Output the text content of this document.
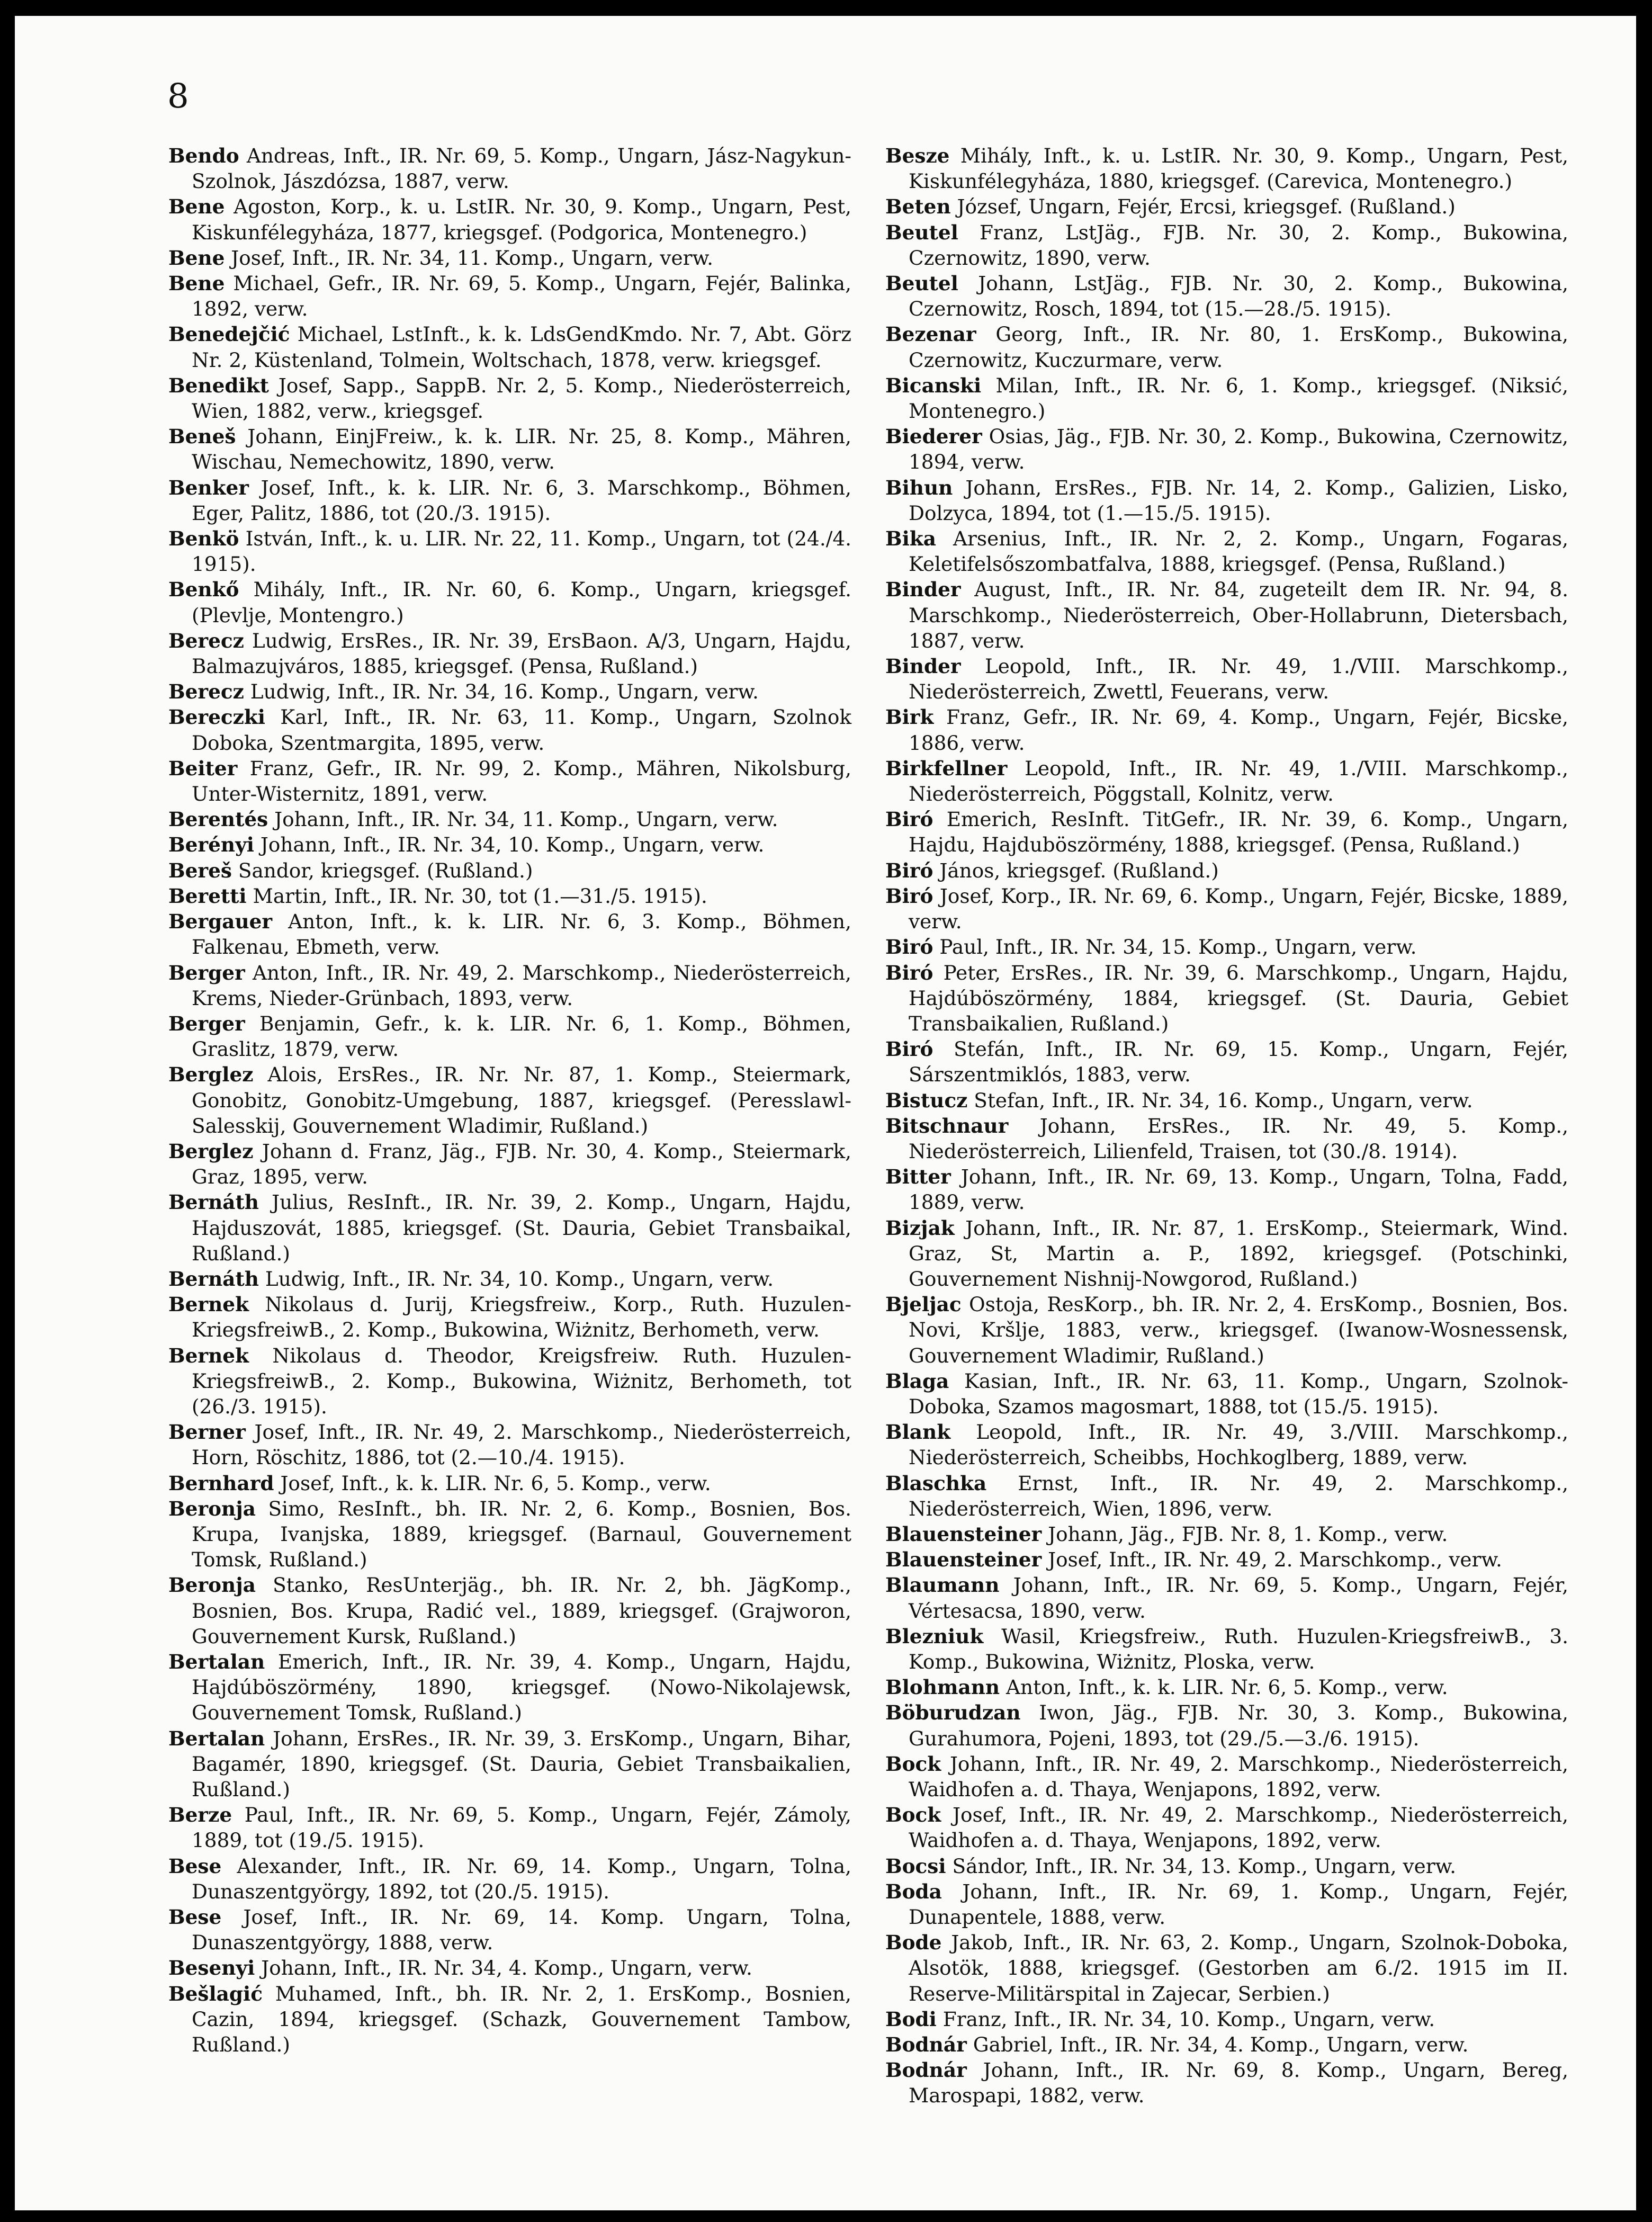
8

Bendo Andreas, Inft., IR. Nr. 69, 5. Komp., Ungarn, Jász-Nagykun-Szolnok, Jászdózsa, 1887, verw.

Bene Agoston, Korp., k. u. LstIR. Nr. 30, 9. Komp., Ungarn, Pest, Kiskunfélegyháza, 1877, kriegsgef. (Podgorica, Montenegro.)

Bene Josef, Inft., IR. Nr. 34, 11. Komp., Ungarn, verw.

Bene Michael, Gefr., IR. Nr. 69, 5. Komp., Ungarn, Fejér, Balinka, 1892, verw.

Benedejčić Michael, LstInft., k. k. LdsGendKmdo. Nr. 7, Abt. Görz Nr. 2, Küstenland, Tolmein, Woltschach, 1878, verw. kriegsgef.

Benedikt Josef, Sapp., SappB. Nr. 2, 5. Komp., Niederösterreich, Wien, 1882, verw., kriegsgef.

Beneš Johann, EinjFreiw., k. k. LIR. Nr. 25, 8. Komp., Mähren, Wischau, Nemechowitz, 1890, verw.

Benker Josef, Inft., k. k. LIR. Nr. 6, 3. Marschkomp., Böhmen, Eger, Palitz, 1886, tot (20./3. 1915).

Benkö István, Inft., k. u. LIR. Nr. 22, 11. Komp., Ungarn, tot (24./4. 1915).

Benkő Mihály, Inft., IR. Nr. 60, 6. Komp., Ungarn, kriegsgef. (Plevlje, Montengro.)

Berecz Ludwig, ErsRes., IR. Nr. 39, ErsBaon. A/3, Ungarn, Hajdu, Balmazujváros, 1885, kriegsgef. (Pensa, Rußland.)

Berecz Ludwig, Inft., IR. Nr. 34, 16. Komp., Ungarn, verw.

Bereczki Karl, Inft., IR. Nr. 63, 11. Komp., Ungarn, Szolnok Doboka, Szentmargita, 1895, verw.

Beiter Franz, Gefr., IR. Nr. 99, 2. Komp., Mähren, Nikolsburg, Unter-Wisternitz, 1891, verw.

Berentés Johann, Inft., IR. Nr. 34, 11. Komp., Ungarn, verw.

Berényi Johann, Inft., IR. Nr. 34, 10. Komp., Ungarn, verw.

Bereš Sandor, kriegsgef. (Rußland.)

Beretti Martin, Inft., IR. Nr. 30, tot (1.—31./5. 1915).

Bergauer Anton, Inft., k. k. LIR. Nr. 6, 3. Komp., Böhmen, Falkenau, Ebmeth, verw.

Berger Anton, Inft., IR. Nr. 49, 2. Marschkomp., Niederösterreich, Krems, Nieder-Grünbach, 1893, verw.

Berger Benjamin, Gefr., k. k. LIR. Nr. 6, 1. Komp., Böhmen, Graslitz, 1879, verw.

Berglez Alois, ErsRes., IR. Nr. Nr. 87, 1. Komp., Steiermark, Gonobitz, Gonobitz-Umgebung, 1887, kriegsgef. (Peresslawl-Salesskij, Gouvernement Wladimir, Rußland.)

Berglez Johann d. Franz, Jäg., FJB. Nr. 30, 4. Komp., Steiermark, Graz, 1895, verw.

Bernáth Julius, ResInft., IR. Nr. 39, 2. Komp., Ungarn, Hajdu, Hajduszovát, 1885, kriegsgef. (St. Dauria, Gebiet Transbaikal, Rußland.)

Bernáth Ludwig, Inft., IR. Nr. 34, 10. Komp., Ungarn, verw.

Bernek Nikolaus d. Jurij, Kriegsfreiw., Korp., Ruth. Huzulen-KriegsfreiwB., 2. Komp., Bukowina, Wiżnitz, Berhometh, verw.

Bernek Nikolaus d. Theodor, Kreigsfreiw. Ruth. Huzulen-KriegsfreiwB., 2. Komp., Bukowina, Wiżnitz, Berhometh, tot (26./3. 1915).

Berner Josef, Inft., IR. Nr. 49, 2. Marschkomp., Niederösterreich, Horn, Röschitz, 1886, tot (2.—10./4. 1915).

Bernhard Josef, Inft., k. k. LIR. Nr. 6, 5. Komp., verw.

Beronja Simo, ResInft., bh. IR. Nr. 2, 6. Komp., Bosnien, Bos. Krupa, Ivanjska, 1889, kriegsgef. (Barnaul, Gouvernement Tomsk, Rußland.)

Beronja Stanko, ResUnterjäg., bh. IR. Nr. 2, bh. JägKomp., Bosnien, Bos. Krupa, Radić vel., 1889, kriegsgef. (Grajworon, Gouvernement Kursk, Rußland.)

Bertalan Emerich, Inft., IR. Nr. 39, 4. Komp., Ungarn, Hajdu, Hajdúböszörmény, 1890, kriegsgef. (Nowo-Nikolajewsk, Gouvernement Tomsk, Rußland.)

Bertalan Johann, ErsRes., IR. Nr. 39, 3. ErsKomp., Ungarn, Bihar, Bagamér, 1890, kriegsgef. (St. Dauria, Gebiet Transbaikalien, Rußland.)

Berze Paul, Inft., IR. Nr. 69, 5. Komp., Ungarn, Fejér, Zámoly, 1889, tot (19./5. 1915).

Bese Alexander, Inft., IR. Nr. 69, 14. Komp., Ungarn, Tolna, Dunaszentgyörgy, 1892, tot (20./5. 1915).

Bese Josef, Inft., IR. Nr. 69, 14. Komp. Ungarn, Tolna, Dunaszentgyörgy, 1888, verw.

Besenyi Johann, Inft., IR. Nr. 34, 4. Komp., Ungarn, verw.

Bešlagić Muhamed, Inft., bh. IR. Nr. 2, 1. ErsKomp., Bosnien, Cazin, 1894, kriegsgef. (Schazk, Gouvernement Tambow, Rußland.)

Besze Mihály, Inft., k. u. LstIR. Nr. 30, 9. Komp., Ungarn, Pest, Kiskunfélegyháza, 1880, kriegsgef. (Carevica, Montenegro.)

Beten József, Ungarn, Fejér, Ercsi, kriegsgef. (Rußland.)

Beutel Franz, LstJäg., FJB. Nr. 30, 2. Komp., Bukowina, Czernowitz, 1890, verw.

Beutel Johann, LstJäg., FJB. Nr. 30, 2. Komp., Bukowina, Czernowitz, Rosch, 1894, tot (15.—28./5. 1915).

Bezenar Georg, Inft., IR. Nr. 80, 1. ErsKomp., Bukowina, Czernowitz, Kuczurmare, verw.

Bicanski Milan, Inft., IR. Nr. 6, 1. Komp., kriegsgef. (Niksić, Montenegro.)

Biederer Osias, Jäg., FJB. Nr. 30, 2. Komp., Bukowina, Czernowitz, 1894, verw.

Bihun Johann, ErsRes., FJB. Nr. 14, 2. Komp., Galizien, Lisko, Dolzyca, 1894, tot (1.—15./5. 1915).

Bika Arsenius, Inft., IR. Nr. 2, 2. Komp., Ungarn, Fogaras, Keletifelsőszombatfalva, 1888, kriegsgef. (Pensa, Rußland.)

Binder August, Inft., IR. Nr. 84, zugeteilt dem IR. Nr. 94, 8. Marschkomp., Niederösterreich, Ober-Hollabrunn, Dietersbach, 1887, verw.

Binder Leopold, Inft., IR. Nr. 49, 1./VIII. Marschkomp., Niederösterreich, Zwettl, Feuerans, verw.

Birk Franz, Gefr., IR. Nr. 69, 4. Komp., Ungarn, Fejér, Bicske, 1886, verw.

Birkfellner Leopold, Inft., IR. Nr. 49, 1./VIII. Marschkomp., Niederösterreich, Pöggstall, Kolnitz, verw.

Biró Emerich, ResInft. TitGefr., IR. Nr. 39, 6. Komp., Ungarn, Hajdu, Hajduböszörmény, 1888, kriegsgef. (Pensa, Rußland.)

Biró János, kriegsgef. (Rußland.)

Biró Josef, Korp., IR. Nr. 69, 6. Komp., Ungarn, Fejér, Bicske, 1889, verw.

Biró Paul, Inft., IR. Nr. 34, 15. Komp., Ungarn, verw.

Biró Peter, ErsRes., IR. Nr. 39, 6. Marschkomp., Ungarn, Hajdu, Hajdúböszörmény, 1884, kriegsgef. (St. Dauria, Gebiet Transbaikalien, Rußland.)

Biró Stefán, Inft., IR. Nr. 69, 15. Komp., Ungarn, Fejér, Sárszentmiklós, 1883, verw.

Bistucz Stefan, Inft., IR. Nr. 34, 16. Komp., Ungarn, verw.

Bitschnaur Johann, ErsRes., IR. Nr. 49, 5. Komp., Niederösterreich, Lilienfeld, Traisen, tot (30./8. 1914).

Bitter Johann, Inft., IR. Nr. 69, 13. Komp., Ungarn, Tolna, Fadd, 1889, verw.

Bizjak Johann, Inft., IR. Nr. 87, 1. ErsKomp., Steiermark, Wind. Graz, St, Martin a. P., 1892, kriegsgef. (Potschinki, Gouvernement Nishnij-Nowgorod, Rußland.)

Bjeljac Ostoja, ResKorp., bh. IR. Nr. 2, 4. ErsKomp., Bosnien, Bos. Novi, Kršlje, 1883, verw., kriegsgef. (Iwanow-Wosnessensk, Gouvernement Wladimir, Rußland.)

Blaga Kasian, Inft., IR. Nr. 63, 11. Komp., Ungarn, Szolnok-Doboka, Szamos magosmart, 1888, tot (15./5. 1915).

Blank Leopold, Inft., IR. Nr. 49, 3./VIII. Marschkomp., Niederösterreich, Scheibbs, Hochkoglberg, 1889, verw.

Blaschka Ernst, Inft., IR. Nr. 49, 2. Marschkomp., Niederösterreich, Wien, 1896, verw.

Blauensteiner Johann, Jäg., FJB. Nr. 8, 1. Komp., verw.

Blauensteiner Josef, Inft., IR. Nr. 49, 2. Marschkomp., verw.

Blaumann Johann, Inft., IR. Nr. 69, 5. Komp., Ungarn, Fejér, Vértesacsa, 1890, verw.

Blezniuk Wasil, Kriegsfreiw., Ruth. Huzulen-KriegsfreiwB., 3. Komp., Bukowina, Wiżnitz, Ploska, verw.

Blohmann Anton, Inft., k. k. LIR. Nr. 6, 5. Komp., verw.

Böburudzan Iwon, Jäg., FJB. Nr. 30, 3. Komp., Bukowina, Gurahumora, Pojeni, 1893, tot (29./5.—3./6. 1915).

Bock Johann, Inft., IR. Nr. 49, 2. Marschkomp., Niederösterreich, Waidhofen a. d. Thaya, Wenjapons, 1892, verw.

Bock Josef, Inft., IR. Nr. 49, 2. Marschkomp., Niederösterreich, Waidhofen a. d. Thaya, Wenjapons, 1892, verw.

Bocsi Sándor, Inft., IR. Nr. 34, 13. Komp., Ungarn, verw.

Boda Johann, Inft., IR. Nr. 69, 1. Komp., Ungarn, Fejér, Dunapentele, 1888, verw.

Bode Jakob, Inft., IR. Nr. 63, 2. Komp., Ungarn, Szolnok-Doboka, Alsotök, 1888, kriegsgef. (Gestorben am 6./2. 1915 im II. Reserve-Militärspital in Zajecar, Serbien.)

Bodi Franz, Inft., IR. Nr. 34, 10. Komp., Ungarn, verw.

Bodnár Gabriel, Inft., IR. Nr. 34, 4. Komp., Ungarn, verw.

Bodnár Johann, Inft., IR. Nr. 69, 8. Komp., Ungarn, Bereg, Marospapi, 1882, verw.
